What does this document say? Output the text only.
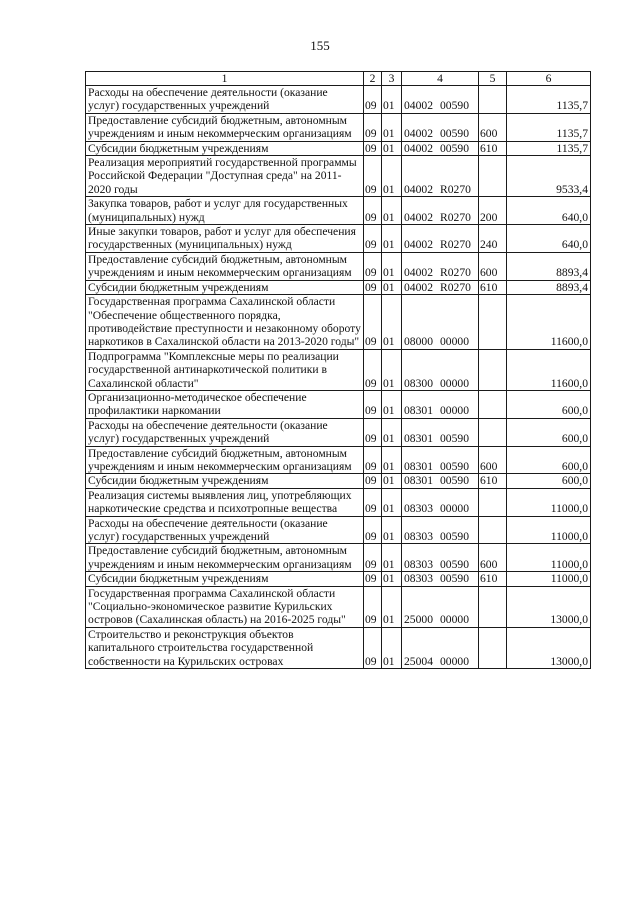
155
1	2	3	4	5	6
Расходы на обеспечение деятельности (оказание услуг) государственных учреждений	09	01	04002 00590		1135,7
Предоставление субсидий бюджетным, автономным учреждениям и иным некоммерческим организациям	09	01	04002 00590	600	1135,7
Субсидии бюджетным учреждениям	09	01	04002 00590	610	1135,7
Реализация мероприятий государственной программы Российской Федерации "Доступная среда" на 2011-2020 годы	09	01	04002 R0270		9533,4
Закупка товаров, работ и услуг для государственных (муниципальных) нужд	09	01	04002 R0270	200	640,0
Иные закупки товаров, работ и услуг для обеспечения государственных (муниципальных) нужд	09	01	04002 R0270	240	640,0
Предоставление субсидий бюджетным, автономным учреждениям и иным некоммерческим организациям	09	01	04002 R0270	600	8893,4
Субсидии бюджетным учреждениям	09	01	04002 R0270	610	8893,4
Государственная программа Сахалинской области "Обеспечение общественного порядка, противодействие преступности и незаконному обороту наркотиков в Сахалинской области на 2013-2020 годы"	09	01	08000 00000		11600,0
Подпрограмма "Комплексные меры по реализации государственной антинаркотической политики в Сахалинской области"	09	01	08300 00000		11600,0
Организационно-методическое обеспечение профилактики наркомании	09	01	08301 00000		600,0
Расходы на обеспечение деятельности (оказание услуг) государственных учреждений	09	01	08301 00590		600,0
Предоставление субсидий бюджетным, автономным учреждениям и иным некоммерческим организациям	09	01	08301 00590	600	600,0
Субсидии бюджетным учреждениям	09	01	08301 00590	610	600,0
Реализация системы выявления лиц, употребляющих наркотические средства и психотропные вещества	09	01	08303 00000		11000,0
Расходы на обеспечение деятельности (оказание услуг) государственных учреждений	09	01	08303 00590		11000,0
Предоставление субсидий бюджетным, автономным учреждениям и иным некоммерческим организациям	09	01	08303 00590	600	11000,0
Субсидии бюджетным учреждениям	09	01	08303 00590	610	11000,0
Государственная программа Сахалинской области "Социально-экономическое развитие Курильских островов (Сахалинская область) на 2016-2025 годы"	09	01	25000 00000		13000,0
Строительство и реконструкция объектов капитального строительства государственной собственности на Курильских островах	09	01	25004 00000		13000,0
